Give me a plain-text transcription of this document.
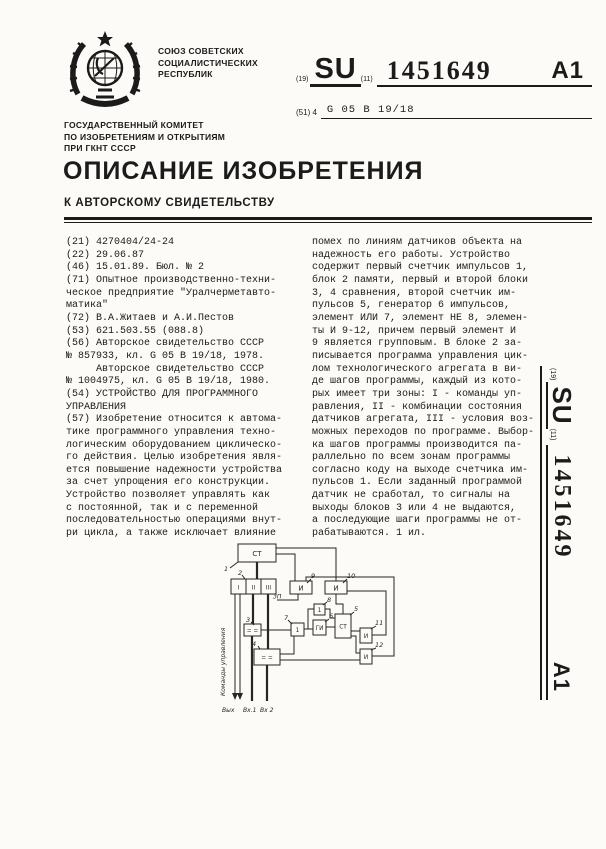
СОЮЗ СОВЕТСКИХ
СОЦИАЛИСТИЧЕСКИХ
РЕСПУБЛИК
(19) SU (11) 1451649 A1
(51) 4 G 05 B 19/18
ГОСУДАРСТВЕННЫЙ КОМИТЕТ
ПО ИЗОБРЕТЕНИЯМ И ОТКРЫТИЯМ
ПРИ ГКНТ СССР
ОПИСАНИЕ ИЗОБРЕТЕНИЯ
К АВТОРСКОМУ СВИДЕТЕЛЬСТВУ
(21) 4270404/24-24
(22) 29.06.87
(46) 15.01.89. Бюл. № 2
(71) Опытное производственно-техни-
ческое предприятие "Уралчерметавто-
матика"
(72) В.А.Житаев и А.И.Пестов
(53) 621.503.55 (088.8)
(56) Авторское свидетельство СССР
№ 857933, кл. G 05 B 19/18, 1978.
Авторское свидетельство СССР
№ 1004975, кл. G 05 B 19/18, 1980.
(54) УСТРОЙСТВО ДЛЯ ПРОГРАММНОГО
УПРАВЛЕНИЯ
(57) Изобретение относится к автома-
тике программного управления техно-
логическим оборудованием циклическо-
го действия. Целью изобретения явля-
ется повышение надежности устройства
за счет упрощения его конструкции.
Устройство позволяет управлять как
с постоянной, так и с переменной
последовательностью операциями внут-
ри цикла, а также исключает влияние
помех по линиям датчиков объекта на
надежность его работы. Устройство
содержит первый счетчик импульсов 1,
блок 2 памяти, первый и второй блоки
3, 4 сравнения, второй счетчик им-
пульсов 5, генератор 6 импульсов,
элемент ИЛИ 7, элемент НЕ 8, элемен-
ты И 9-12, причем первый элемент И
9 является групповым. В блоке 2 за-
писывается программа управления цик-
лом технологического агрегата в ви-
де шагов программы, каждый из кото-
рых имеет три зоны: I - команды уп-
равления, II - комбинации состояния
датчиков агрегата, III - условия воз-
можных переходов по программе. Выбор-
ка шагов программы производится па-
раллельно по всем зонам программы
согласно коду на выходе счетчика им-
пульсов 1. Если заданный программой
датчик не сработал, то сигналы на
выходы блоков 3 или 4 не выдаются,
а последующие шаги программы не от-
рабатываются. 1 ил.
СТ
I II III	И	И
= =	1
1
ГИ	СТ
И
И
= =
1 2	9	10
3	7
8
6
5
11
12
4
ЗП
Команды управления
Вых Вх.1 Вх 2
(19)
SU
(11)
1451649
A1
